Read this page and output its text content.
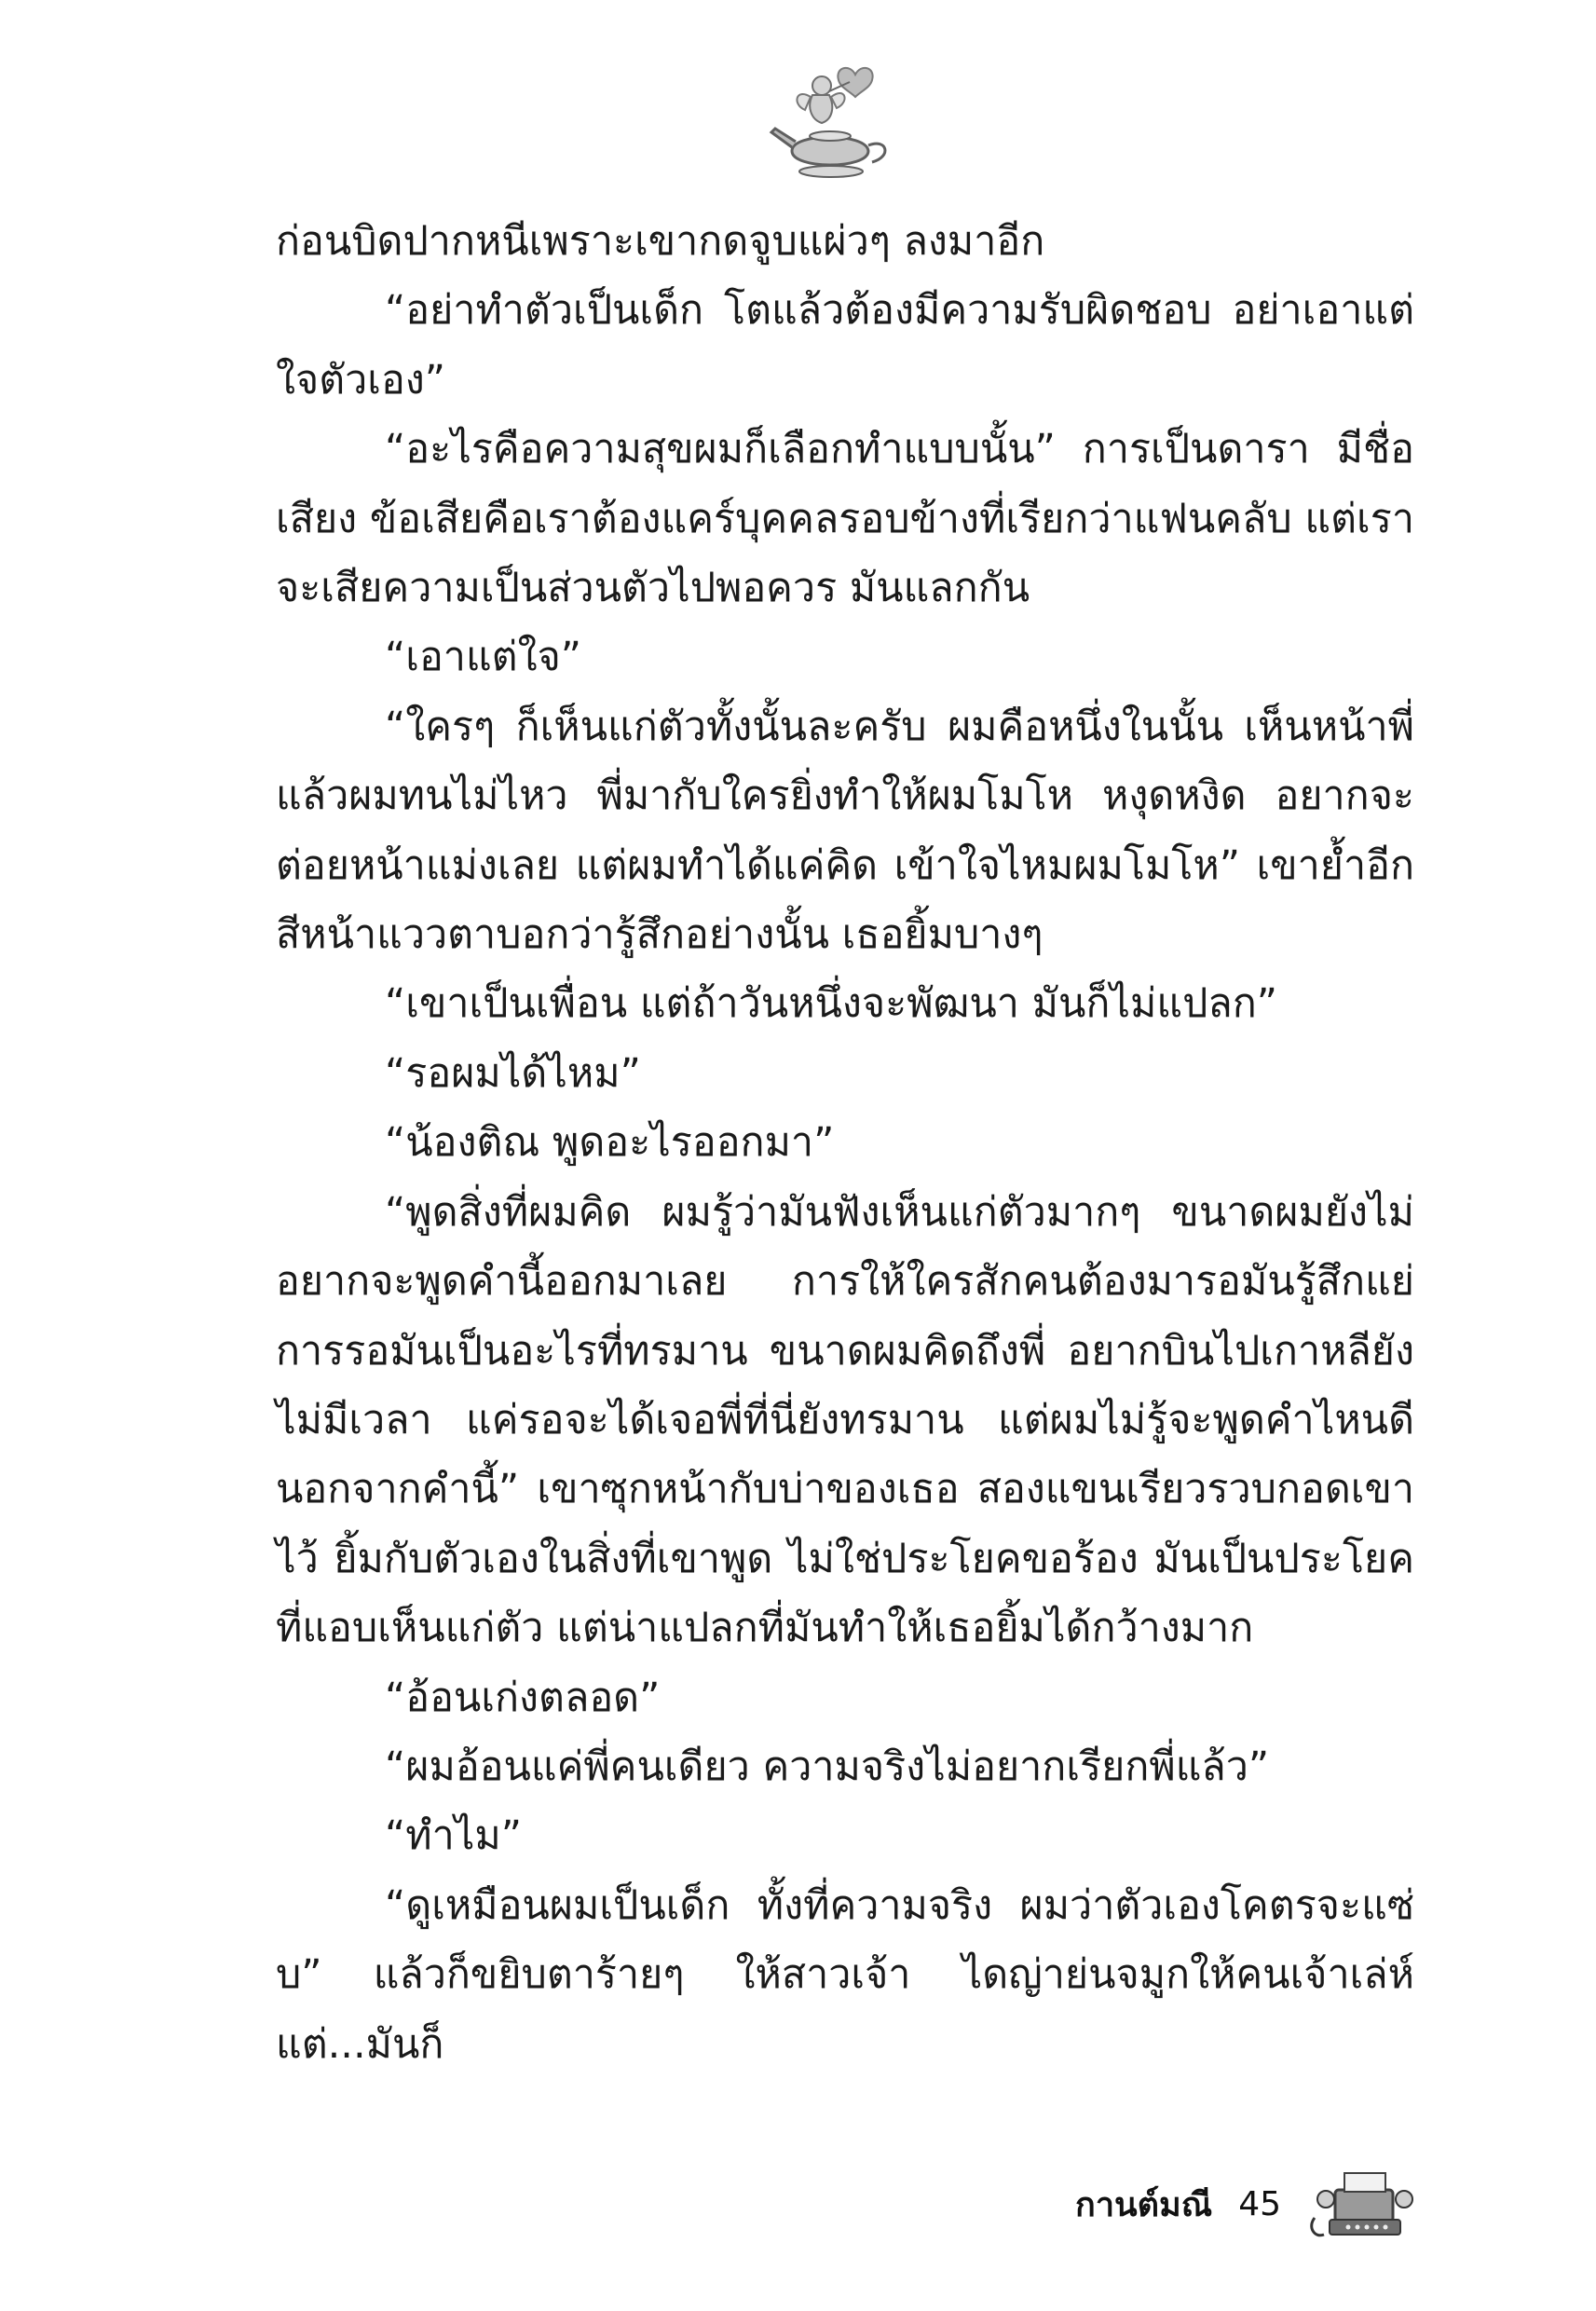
ก่อนบิดปากหนีเพราะเขากดจูบแผ่วๆ ลงมาอีก

“อย่าทำตัวเป็นเด็ก โตแล้วต้องมีความรับผิดชอบ อย่าเอาแต่ใจตัวเอง”

“อะไรคือความสุขผมก็เลือกทำแบบนั้น” การเป็นดารา มีชื่อเสียง ข้อเสียคือเราต้องแคร์บุคคลรอบข้างที่เรียกว่าแฟนคลับ แต่เราจะเสียความเป็นส่วนตัวไปพอควร มันแลกกัน

“เอาแต่ใจ”

“ใครๆ ก็เห็นแก่ตัวทั้งนั้นละครับ ผมคือหนึ่งในนั้น เห็นหน้าพี่แล้วผมทนไม่ไหว พี่มากับใครยิ่งทำให้ผมโมโห หงุดหงิด อยากจะต่อยหน้าแม่งเลย แต่ผมทำได้แค่คิด เข้าใจไหมผมโมโห” เขาย้ำอีก สีหน้าแววตาบอกว่ารู้สึกอย่างนั้น เธอยิ้มบางๆ

“เขาเป็นเพื่อน แต่ถ้าวันหนึ่งจะพัฒนา มันก็ไม่แปลก”

“รอผมได้ไหม”

“น้องติณ พูดอะไรออกมา”

“พูดสิ่งที่ผมคิด ผมรู้ว่ามันฟังเห็นแก่ตัวมากๆ ขนาดผมยังไม่อยากจะพูดคำนี้ออกมาเลย การให้ใครสักคนต้องมารอมันรู้สึกแย่ การรอมันเป็นอะไรที่ทรมาน ขนาดผมคิดถึงพี่ อยากบินไปเกาหลียังไม่มีเวลา แค่รอจะได้เจอพี่ที่นี่ยังทรมาน แต่ผมไม่รู้จะพูดคำไหนดีนอกจากคำนี้” เขาซุกหน้ากับบ่าของเธอ สองแขนเรียวรวบกอดเขาไว้ ยิ้มกับตัวเองในสิ่งที่เขาพูด ไม่ใช่ประโยคขอร้อง มันเป็นประโยคที่แอบเห็นแก่ตัว แต่น่าแปลกที่มันทำให้เธอยิ้มได้กว้างมาก

“อ้อนเก่งตลอด”

“ผมอ้อนแค่พี่คนเดียว ความจริงไม่อยากเรียกพี่แล้ว”

“ทำไม”

“ดูเหมือนผมเป็นเด็ก ทั้งที่ความจริง ผมว่าตัวเองโคตรจะแซ่บ” แล้วก็ขยิบตาร้ายๆ ให้สาวเจ้า ไดญ่าย่นจมูกให้คนเจ้าเล่ห์ แต่...มันก็

กานต์มณี 45
